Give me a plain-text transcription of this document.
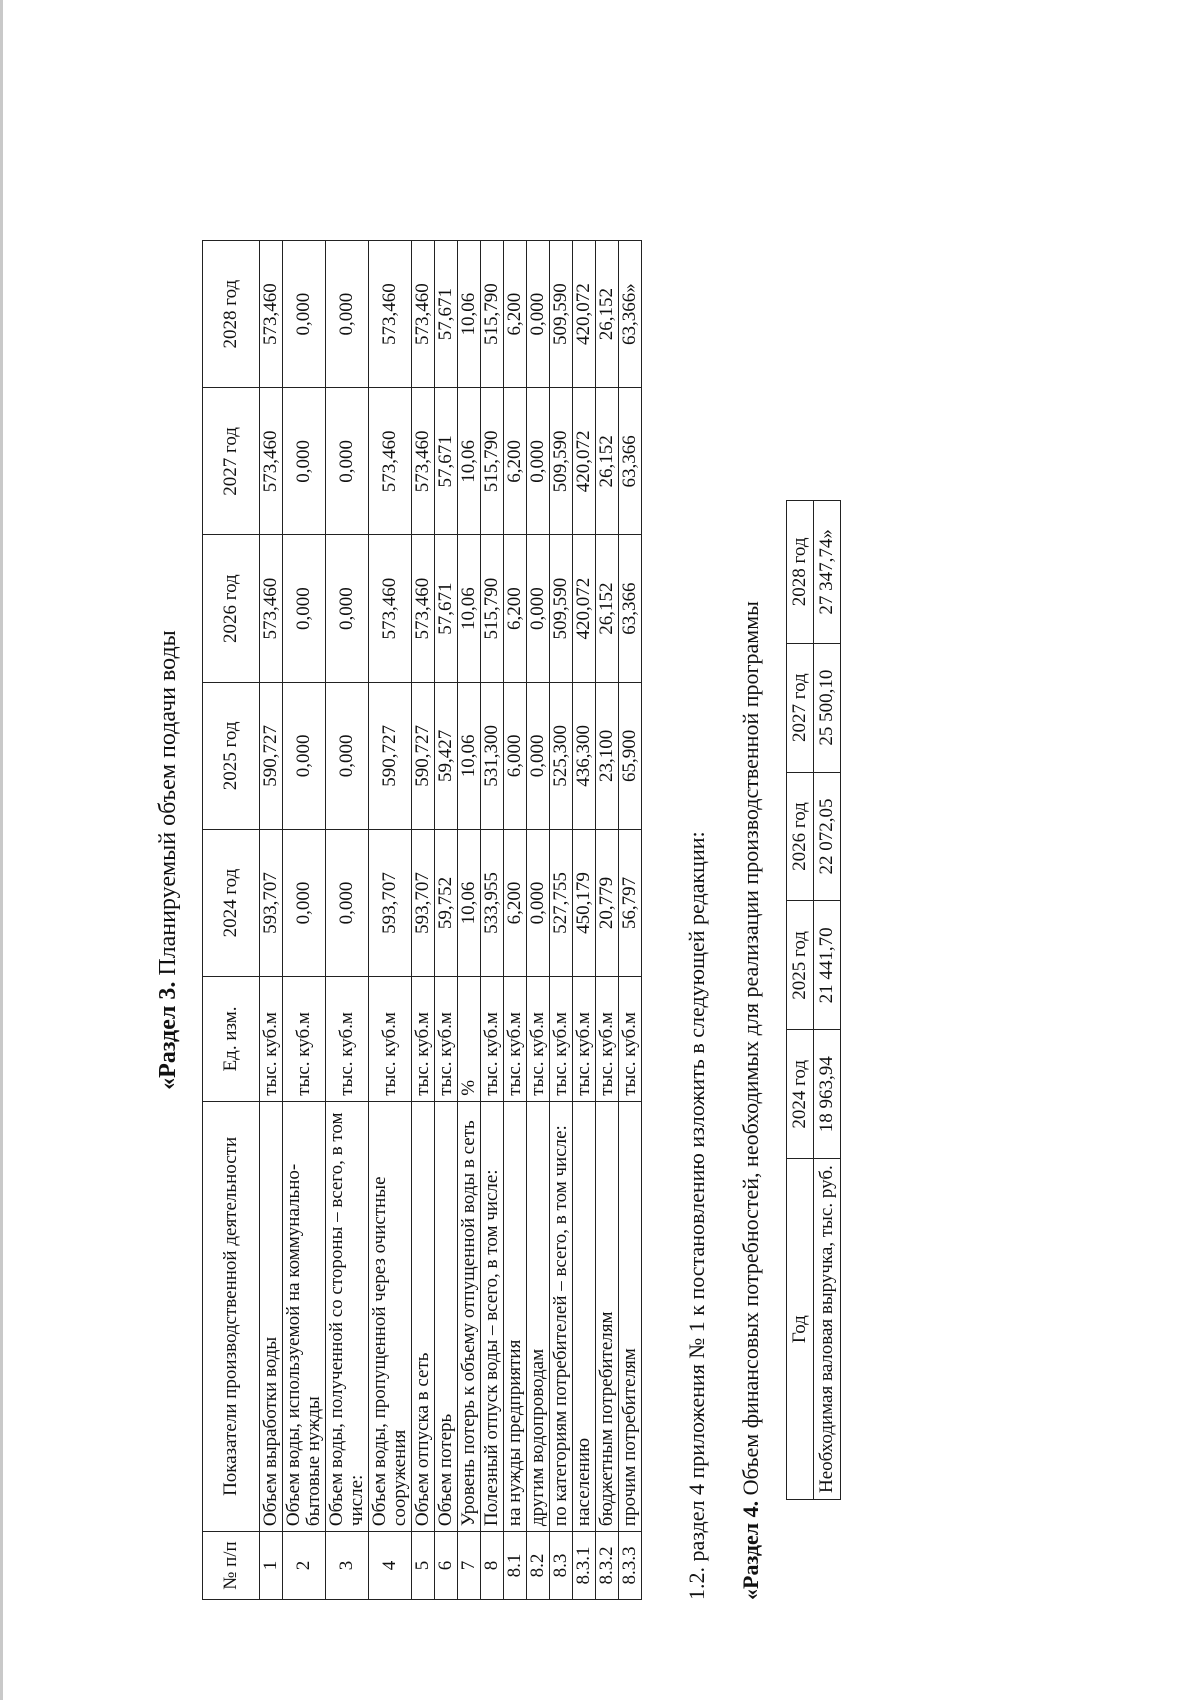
«Раздел 3. Планируемый объем подачи воды
№ п/п	Показатели производственной деятельности	Ед. изм.	2024 год	2025 год	2026 год	2027 год	2028 год
1	Объем выработки воды	тыс. куб.м	593,707	590,727	573,460	573,460	573,460
2	Объем воды, используемой на коммунально-бытовые нужды	тыс. куб.м	0,000	0,000	0,000	0,000	0,000
3	Объем воды, полученной со стороны – всего, в том числе:	тыс. куб.м	0,000	0,000	0,000	0,000	0,000
4	Объем воды, пропущенной через очистные сооружения	тыс. куб.м	593,707	590,727	573,460	573,460	573,460
5	Объем отпуска в сеть	тыс. куб.м	593,707	590,727	573,460	573,460	573,460
6	Объем потерь	тыс. куб.м	59,752	59,427	57,671	57,671	57,671
7	Уровень потерь к объему отпущенной воды в сеть	%	10,06	10,06	10,06	10,06	10,06
8	Полезный отпуск воды – всего, в том числе:	тыс. куб.м	533,955	531,300	515,790	515,790	515,790
8.1	на нужды предприятия	тыс. куб.м	6,200	6,000	6,200	6,200	6,200
8.2	другим водопроводам	тыс. куб.м	0,000	0,000	0,000	0,000	0,000
8.3	по категориям потребителей – всего, в том числе:	тыс. куб.м	527,755	525,300	509,590	509,590	509,590
8.3.1	населению	тыс. куб.м	450,179	436,300	420,072	420,072	420,072
8.3.2	бюджетным потребителям	тыс. куб.м	20,779	23,100	26,152	26,152	26,152
8.3.3	прочим потребителям	тыс. куб.м	56,797	65,900	63,366	63,366	63,366»
1.2. раздел 4 приложения № 1 к постановлению изложить в следующей редакции: «Раздел 4. Объем финансовых потребностей, необходимых для реализации производственной программы Год	2024 год	2025 год	2026 год	2027 год	2028 год
Необходимая валовая выручка, тыс. руб.	18 963,94	21 441,70	22 072,05	25 500,10	27 347,74»
